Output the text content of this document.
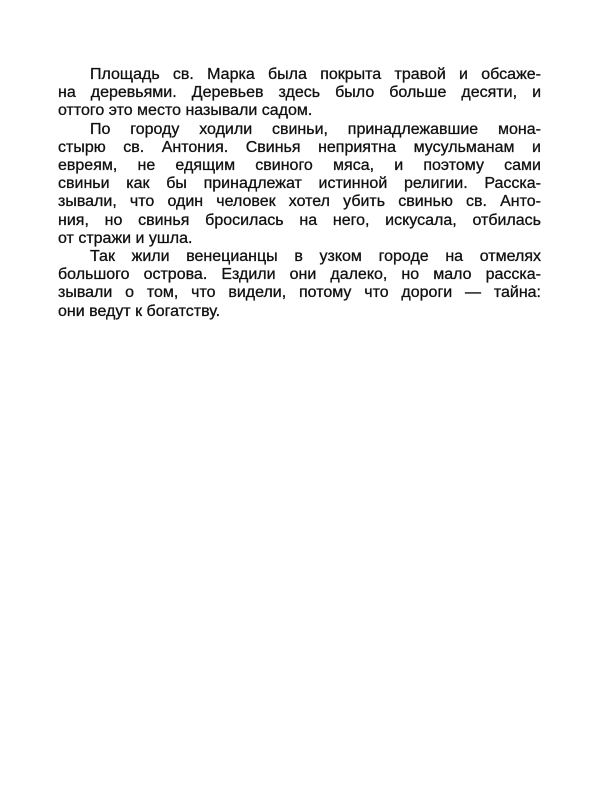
Площадь св. Марка была покрыта травой и обсаже-
на деревьями. Деревьев здесь было больше десяти, и
оттого это место называли садом.
По городу ходили свиньи, принадлежавшие мона-
стырю св. Антония. Свинья неприятна мусульманам и
евреям, не едящим свиного мяса, и поэтому сами
свиньи как бы принадлежат истинной религии. Расска-
зывали, что один человек хотел убить свинью св. Анто-
ния, но свинья бросилась на него, искусала, отбилась
от стражи и ушла.
Так жили венецианцы в узком городе на отмелях
большого острова. Ездили они далеко, но мало расска-
зывали о том, что видели, потому что дороги — тайна:
они ведут к богатству.
